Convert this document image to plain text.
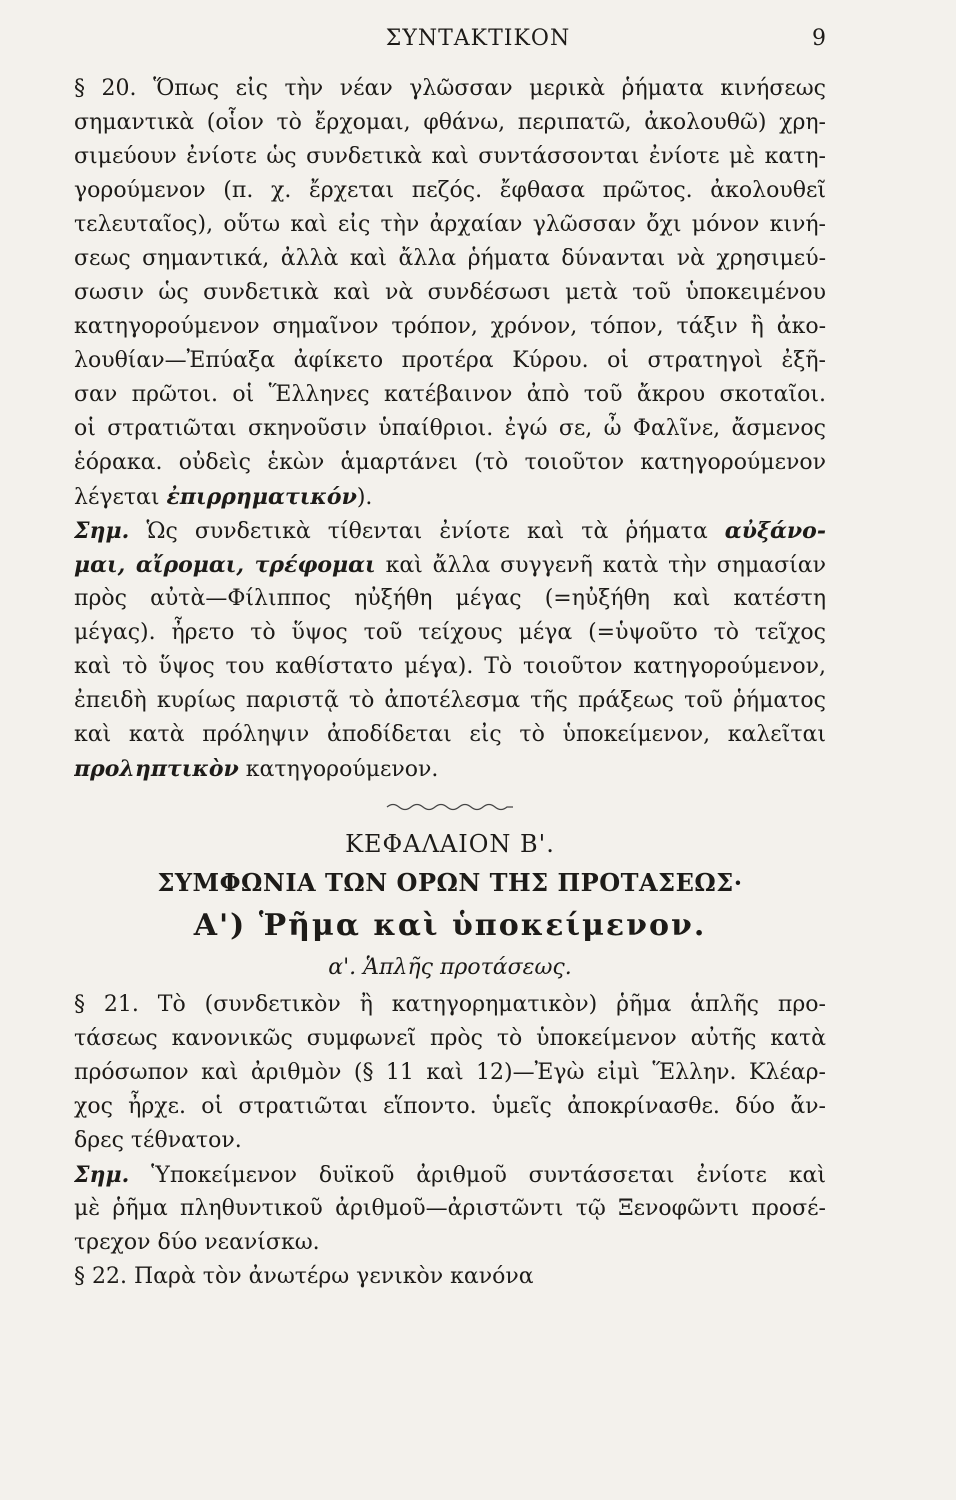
ΣΥΝΤΑΚΤΙΚΟΝ	9
§ 20. Ὅπως εἰς τὴν νέαν γλῶσσαν μερικὰ ῥήματα κινήσεως
σημαντικὰ (οἷον τὸ ἔρχομαι, φθάνω, περιπατῶ, ἀκολουθῶ) χρη-
σιμεύουν ἐνίοτε ὡς συνδετικὰ καὶ συντάσσονται ἐνίοτε μὲ κατη-
γορούμενον (π. χ. ἔρχεται πεζός. ἔφθασα πρῶτος. ἀκολουθεῖ
τελευταῖος), οὕτω καὶ εἰς τὴν ἀρχαίαν γλῶσσαν ὄχι μόνον κινή-
σεως σημαντικά, ἀλλὰ καὶ ἄλλα ῥήματα δύνανται νὰ χρησιμεύ-
σωσιν ὡς συνδετικὰ καὶ νὰ συνδέσωσι μετὰ τοῦ ὑποκειμένου
κατηγορούμενον σημαῖνον τρόπον, χρόνον, τόπον, τάξιν ἢ ἀκο-
λουθίαν—Ἐπύαξα ἀφίκετο προτέρα Κύρου. οἱ στρατηγοὶ ἐξῆ-
σαν πρῶτοι. οἱ Ἕλληνες κατέβαινον ἀπὸ τοῦ ἄκρου σκοταῖοι.
οἱ στρατιῶται σκηνοῦσιν ὑπαίθριοι. ἐγώ σε, ὦ Φαλῖνε, ἄσμενος
ἑόρακα. οὐδεὶς ἑκὼν ἁμαρτάνει (τὸ τοιοῦτον κατηγορούμενον
λέγεται ἐπιρρηματικόν).
Σημ. Ὡς συνδετικὰ τίθενται ἐνίοτε καὶ τὰ ῥήματα αὐξάνο-
μαι, αἴρομαι, τρέφομαι καὶ ἄλλα συγγενῆ κατὰ τὴν σημασίαν
πρὸς αὐτὰ—Φίλιππος ηὐξήθη μέγας (=ηὐξήθη καὶ κατέστη
μέγας). ἦρετο τὸ ὕψος τοῦ τείχους μέγα (=ὑψοῦτο τὸ τεῖχος
καὶ τὸ ὕψος του καθίστατο μέγα). Τὸ τοιοῦτον κατηγορούμενον,
ἐπειδὴ κυρίως παριστᾷ τὸ ἀποτέλεσμα τῆς πράξεως τοῦ ῥήματος
καὶ κατὰ πρόληψιν ἀποδίδεται εἰς τὸ ὑποκείμενον, καλεῖται
προληπτικὸν κατηγορούμενον.
ΚΕΦΑΛΑΙΟΝ Β'.
ΣΥΜΦΩΝΙΑ ΤΩΝ ΟΡΩΝ ΤΗΣ ΠΡΟΤΑΣΕΩΣ·
Α') Ῥῆμα καὶ ὑποκείμενον.
α'. Ἁπλῆς προτάσεως.
§ 21. Τὸ (συνδετικὸν ἢ κατηγορηματικὸν) ῥῆμα ἁπλῆς προ-
τάσεως κανονικῶς συμφωνεῖ πρὸς τὸ ὑποκείμενον αὐτῆς κατὰ
πρόσωπον καὶ ἀριθμὸν (§ 11 καὶ 12)—Ἐγὼ εἰμὶ Ἕλλην. Κλέαρ-
χος ἦρχε. οἱ στρατιῶται εἵποντο. ὑμεῖς ἀποκρίνασθε. δύο ἄν-
δρες τέθνατον.
Σημ. Ὑποκείμενον δυϊκοῦ ἀριθμοῦ συντάσσεται ἐνίοτε καὶ
μὲ ῥῆμα πληθυντικοῦ ἀριθμοῦ—ἀριστῶντι τῷ Ξενοφῶντι προσέ-
τρεχον δύο νεανίσκω.
§ 22. Παρὰ τὸν ἀνωτέρω γενικὸν κανόνα
